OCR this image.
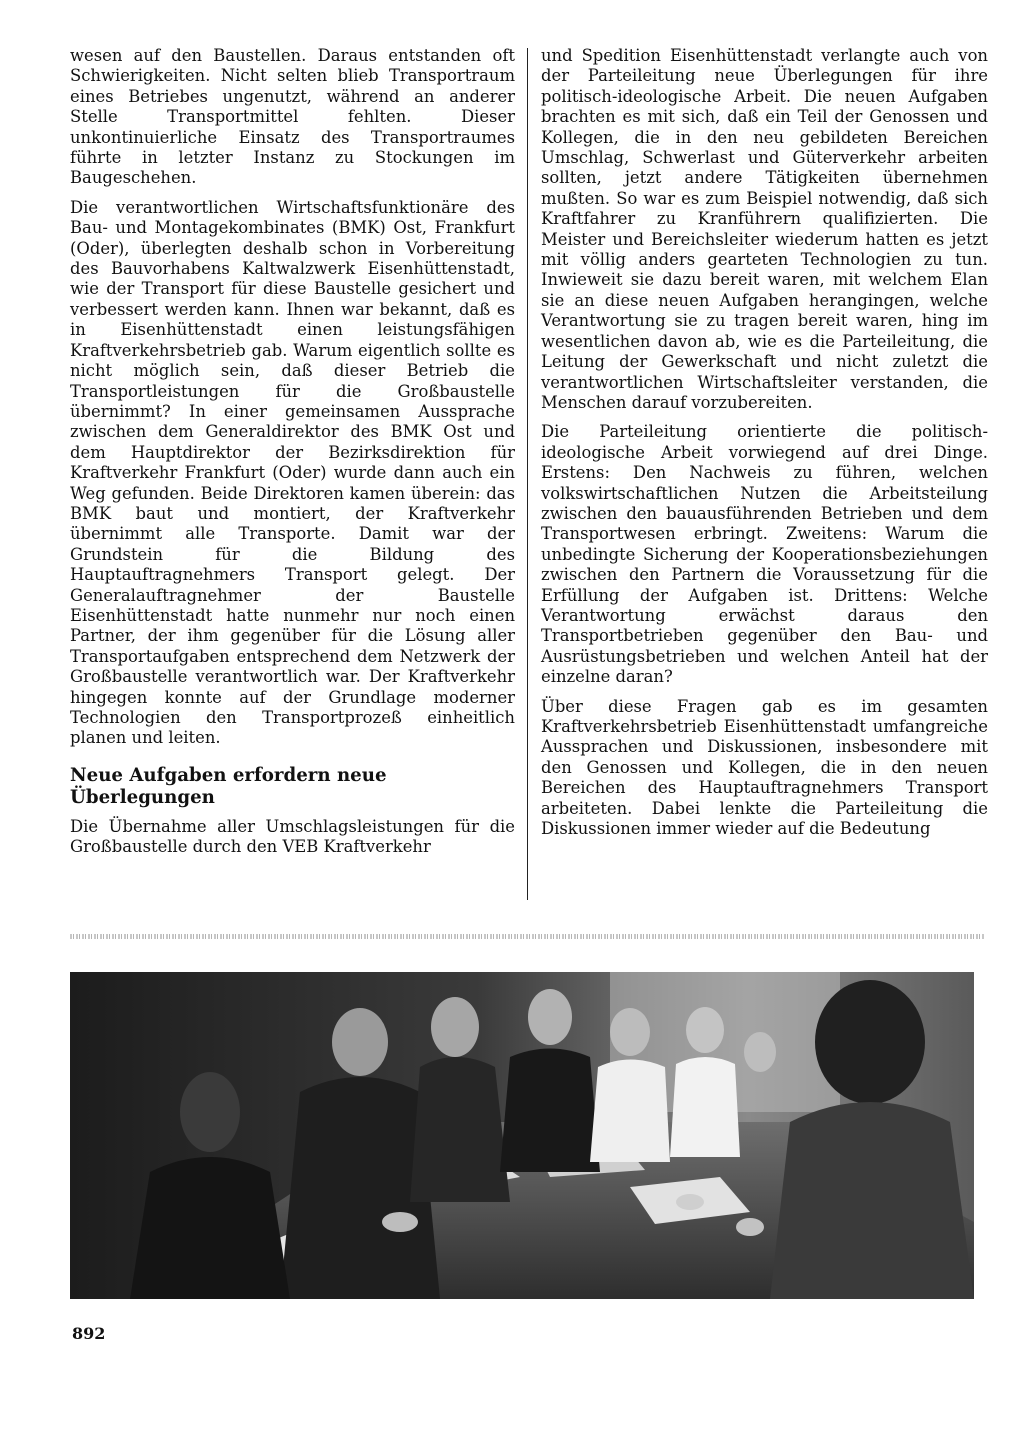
wesen auf den Baustellen. Daraus entstanden oft Schwierigkeiten. Nicht selten blieb Transportraum eines Betriebes ungenutzt, während an anderer Stelle Transportmittel fehlten. Dieser unkontinuierliche Einsatz des Transportraumes führte in letzter Instanz zu Stockungen im Baugeschehen.

Die verantwortlichen Wirtschaftsfunktionäre des Bau- und Montagekombinates (BMK) Ost, Frankfurt (Oder), überlegten deshalb schon in Vorbereitung des Bauvorhabens Kaltwalzwerk Eisenhüttenstadt, wie der Transport für diese Baustelle gesichert und verbessert werden kann. Ihnen war bekannt, daß es in Eisenhüttenstadt einen leistungsfähigen Kraftverkehrsbetrieb gab. Warum eigentlich sollte es nicht möglich sein, daß dieser Betrieb die Transportleistungen für die Großbaustelle übernimmt? In einer gemeinsamen Aussprache zwischen dem Generaldirektor des BMK Ost und dem Hauptdirektor der Bezirksdirektion für Kraftverkehr Frankfurt (Oder) wurde dann auch ein Weg gefunden. Beide Direktoren kamen überein: das BMK baut und montiert, der Kraftverkehr übernimmt alle Transporte. Damit war der Grundstein für die Bildung des Hauptauftragnehmers Transport gelegt. Der Generalauftragnehmer der Baustelle Eisenhüttenstadt hatte nunmehr nur noch einen Partner, der ihm gegenüber für die Lösung aller Transportaufgaben entsprechend dem Netzwerk der Großbaustelle verantwortlich war. Der Kraftverkehr hingegen konnte auf der Grundlage moderner Technologien den Transportprozeß einheitlich planen und leiten.

Neue Aufgaben erfordern neue Überlegungen

Die Übernahme aller Umschlagsleistungen für die Großbaustelle durch den VEB Kraftverkehr

und Spedition Eisenhüttenstadt verlangte auch von der Parteileitung neue Überlegungen für ihre politisch-ideologische Arbeit. Die neuen Aufgaben brachten es mit sich, daß ein Teil der Genossen und Kollegen, die in den neu gebildeten Bereichen Umschlag, Schwerlast und Güterverkehr arbeiten sollten, jetzt andere Tätigkeiten übernehmen mußten. So war es zum Beispiel notwendig, daß sich Kraftfahrer zu Kranführern qualifizierten. Die Meister und Bereichsleiter wiederum hatten es jetzt mit völlig anders gearteten Technologien zu tun. Inwieweit sie dazu bereit waren, mit welchem Elan sie an diese neuen Aufgaben herangingen, welche Verantwortung sie zu tragen bereit waren, hing im wesentlichen davon ab, wie es die Parteileitung, die Leitung der Gewerkschaft und nicht zuletzt die verantwortlichen Wirtschaftsleiter verstanden, die Menschen darauf vorzubereiten.

Die Parteileitung orientierte die politisch-ideologische Arbeit vorwiegend auf drei Dinge. Erstens: Den Nachweis zu führen, welchen volkswirtschaftlichen Nutzen die Arbeitsteilung zwischen den bauausführenden Betrieben und dem Transportwesen erbringt. Zweitens: Warum die unbedingte Sicherung der Kooperationsbeziehungen zwischen den Partnern die Voraussetzung für die Erfüllung der Aufgaben ist. Drittens: Welche Verantwortung erwächst daraus den Transportbetrieben gegenüber den Bau- und Ausrüstungsbetrieben und welchen Anteil hat der einzelne daran?

Über diese Fragen gab es im gesamten Kraftverkehrsbetrieb Eisenhüttenstadt umfangreiche Aussprachen und Diskussionen, insbesondere mit den Genossen und Kollegen, die in den neuen Bereichen des Hauptauftragnehmers Transport arbeiteten. Dabei lenkte die Parteileitung die Diskussionen immer wieder auf die Bedeutung

892
